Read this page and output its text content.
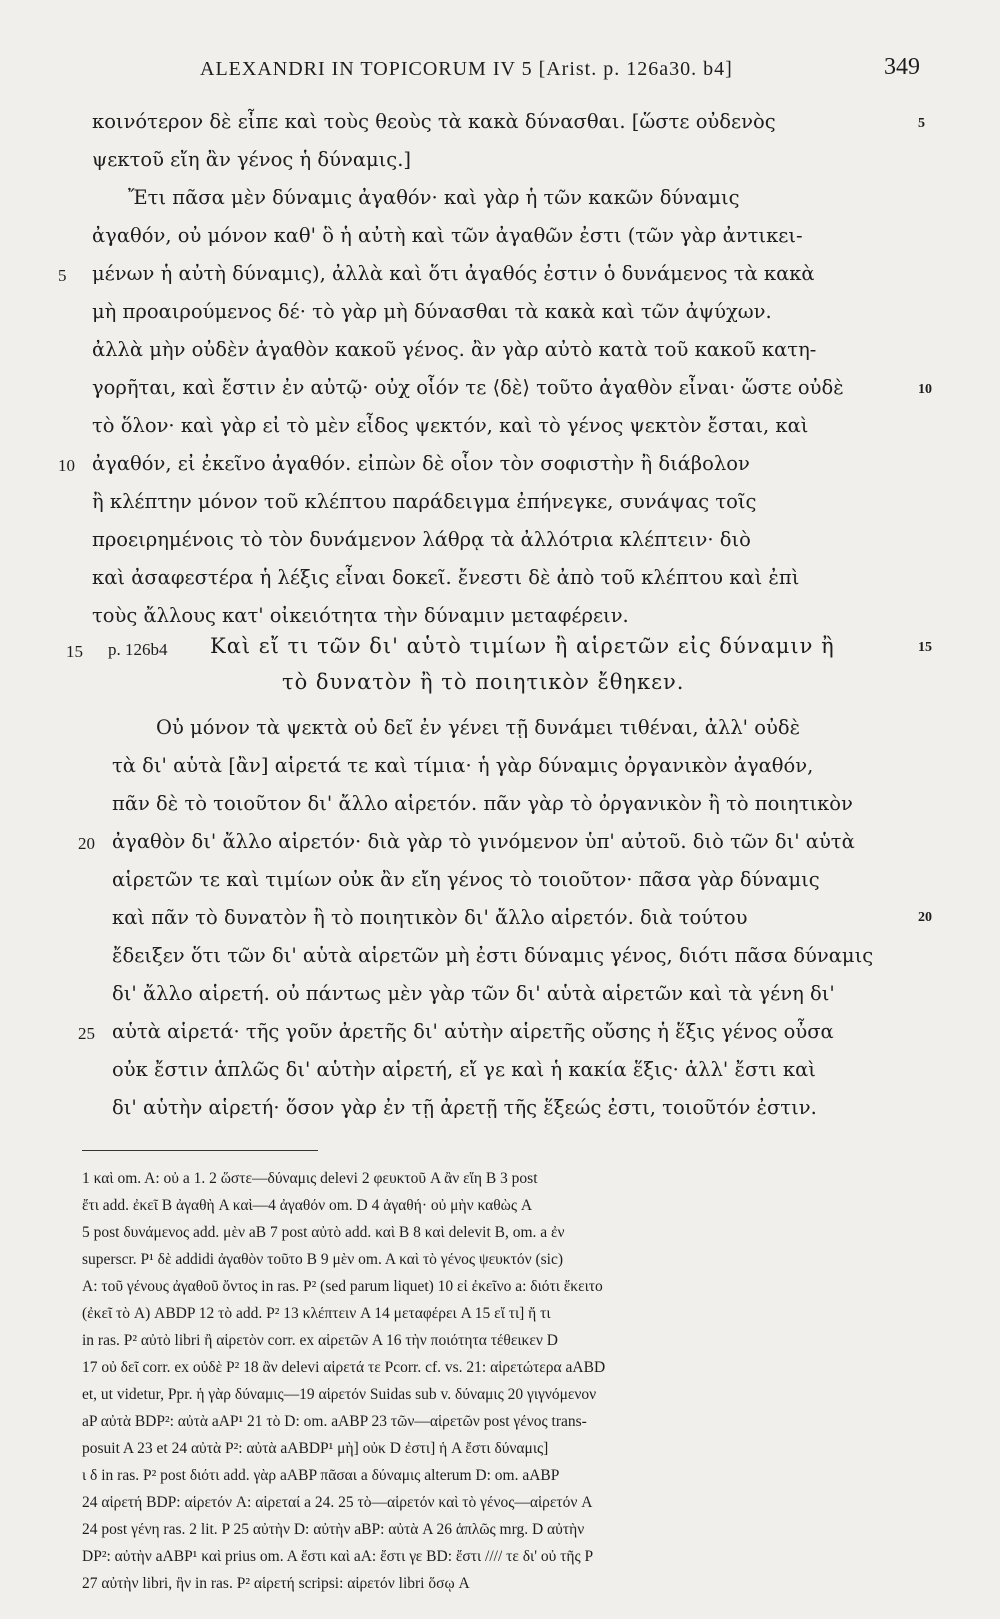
ALEXANDRI IN TOPICORUM IV 5 [Arist. p. 126a30. b4]	349
κοινότερον δὲ εἶπε καὶ τοὺς θεοὺς τὰ κακὰ δύνασθαι. [ὥστε οὐδενὸς
ψεκτοῦ εἴη ἂν γένος ἡ δύναμις.]
Ἔτι πᾶσα μὲν δύναμις ἀγαθόν· καὶ γὰρ ἡ τῶν κακῶν δύναμις
ἀγαθόν, οὐ μόνον καθ' ὃ ἡ αὐτὴ καὶ τῶν ἀγαθῶν ἐστι (τῶν γὰρ ἀντικει-
μένων ἡ αὐτὴ δύναμις), ἀλλὰ καὶ ὅτι ἀγαθός ἐστιν ὁ δυνάμενος τὰ κακὰ
μὴ προαιρούμενος δέ· τὸ γὰρ μὴ δύνασθαι τὰ κακὰ καὶ τῶν ἀψύχων.
ἀλλὰ μὴν οὐδὲν ἀγαθὸν κακοῦ γένος. ἂν γὰρ αὐτὸ κατὰ τοῦ κακοῦ κατη-
γορῆται, καὶ ἔστιν ἐν αὐτῷ· οὐχ οἷόν τε ⟨δὲ⟩ τοῦτο ἀγαθὸν εἶναι· ὥστε οὐδὲ
τὸ ὅλον· καὶ γὰρ εἰ τὸ μὲν εἶδος ψεκτόν, καὶ τὸ γένος ψεκτὸν ἔσται, καὶ
ἀγαθόν, εἰ ἐκεῖνο ἀγαθόν. εἰπὼν δὲ οἷον τὸν σοφιστὴν ἢ διάβολον
ἢ κλέπτην μόνον τοῦ κλέπτου παράδειγμα ἐπήνεγκε, συνάψας τοῖς
προειρημένοις τὸ τὸν δυνάμενον λάθρᾳ τὰ ἀλλότρια κλέπτειν· διὸ
καὶ ἀσαφεστέρα ἡ λέξις εἶναι δοκεῖ. ἔνεστι δὲ ἀπὸ τοῦ κλέπτου καὶ ἐπὶ
τοὺς ἄλλους κατ' οἰκειότητα τὴν δύναμιν μεταφέρειν.
p. 126b4 Καὶ εἴ τι τῶν δι' αὑτὸ τιμίων ἢ αἱρετῶν εἰς δύναμιν ἢ
τὸ δυνατὸν ἢ τὸ ποιητικὸν ἔθηκεν.
Οὐ μόνον τὰ ψεκτὰ οὐ δεῖ ἐν γένει τῇ δυνάμει τιθέναι, ἀλλ' οὐδὲ
τὰ δι' αὑτὰ [ἂν] αἱρετά τε καὶ τίμια· ἡ γὰρ δύναμις ὀργανικὸν ἀγαθόν,
πᾶν δὲ τὸ τοιοῦτον δι' ἄλλο αἱρετόν. πᾶν γὰρ τὸ ὀργανικὸν ἢ τὸ ποιητικὸν
ἀγαθὸν δι' ἄλλο αἱρετόν· διὰ γὰρ τὸ γινόμενον ὑπ' αὐτοῦ. διὸ τῶν δι' αὑτὰ
αἱρετῶν τε καὶ τιμίων οὐκ ἂν εἴη γένος τὸ τοιοῦτον· πᾶσα γὰρ δύναμις
καὶ πᾶν τὸ δυνατὸν ἢ τὸ ποιητικὸν δι' ἄλλο αἱρετόν. διὰ τούτου
ἔδειξεν ὅτι τῶν δι' αὑτὰ αἱρετῶν μὴ ἐστι δύναμις γένος, διότι πᾶσα δύναμις
δι' ἄλλο αἱρετή. οὐ πάντως μὲν γὰρ τῶν δι' αὑτὰ αἱρετῶν καὶ τὰ γένη δι'
αὑτὰ αἱρετά· τῆς γοῦν ἀρετῆς δι' αὑτὴν αἱρετῆς οὔσης ἡ ἕξις γένος οὖσα
οὐκ ἔστιν ἁπλῶς δι' αὑτὴν αἱρετή, εἴ γε καὶ ἡ κακία ἕξις· ἀλλ' ἔστι καὶ
δι' αὑτὴν αἱρετή· ὅσον γὰρ ἐν τῇ ἀρετῇ τῆς ἕξεώς ἐστι, τοιοῦτόν ἐστιν.
5
10
15
20
25
5
10
15
20
1 καὶ om. A: οὐ a 1. 2 ὥστε—δύναμις delevi 2 φευκτοῦ A ἂν εἴη B 3 post
ἔτι add. ἐκεῖ B ἀγαθὴ A καὶ—4 ἀγαθόν om. D 4 ἀγαθή· οὐ μὴν καθὼς A
5 post δυνάμενος add. μὲν aB 7 post αὐτὸ add. καὶ B 8 καὶ delevit B, om. a ἐν
superscr. P¹ δὲ addidi ἀγαθὸν τοῦτο B 9 μὲν om. A καὶ τὸ γένος ψευκτόν (sic)
A: τοῦ γένους ἀγαθοῦ ὄντος in ras. P² (sed parum liquet) 10 εἰ ἐκεῖνο a: διότι ἔκειτο
(ἐκεῖ τὸ A) ABDP 12 τὸ add. P² 13 κλέπτειν A 14 μεταφέρει A 15 εἴ τι] ἤ τι
in ras. P² αὐτὸ libri ἢ αἱρετὸν corr. ex αἱρετῶν A 16 τὴν ποιότητα τέθεικεν D
17 οὐ δεῖ corr. ex οὐδὲ P² 18 ἂν delevi αἱρετά τε Pcorr. cf. vs. 21: αἱρετώτερα aABD
et, ut videtur, Ppr. ἡ γὰρ δύναμις—19 αἱρετόν Suidas sub v. δύναμις 20 γιγνόμενον
aP αὐτὰ BDP²: αὐτὰ aAP¹ 21 τὸ D: om. aABP 23 τῶν—αἱρετῶν post γένος trans-
posuit A 23 et 24 αὐτὰ P²: αὐτὰ aABDP¹ μὴ] οὐκ D ἐστι] ἡ A ἔστι δύναμις]
ι δ in ras. P² post διότι add. γὰρ aABP πᾶσαι a δύναμις alterum D: om. aABP
24 αἱρετή BDP: αἱρετόν A: αἱρεταί a 24. 25 τὸ—αἱρετόν καὶ τὸ γένος—αἱρετόν A
24 post γένη ras. 2 lit. P 25 αὐτὴν D: αὐτὴν aBP: αὐτὰ A 26 ἁπλῶς mrg. D αὐτὴν
DP²: αὐτὴν aABP¹ καὶ prius om. A ἔστι καὶ aA: ἔστι γε BD: ἔστι //// τε δι' οὐ τῆς P
27 αὐτὴν libri, ἣν in ras. P² αἱρετή scripsi: αἱρετόν libri ὅσῳ A
